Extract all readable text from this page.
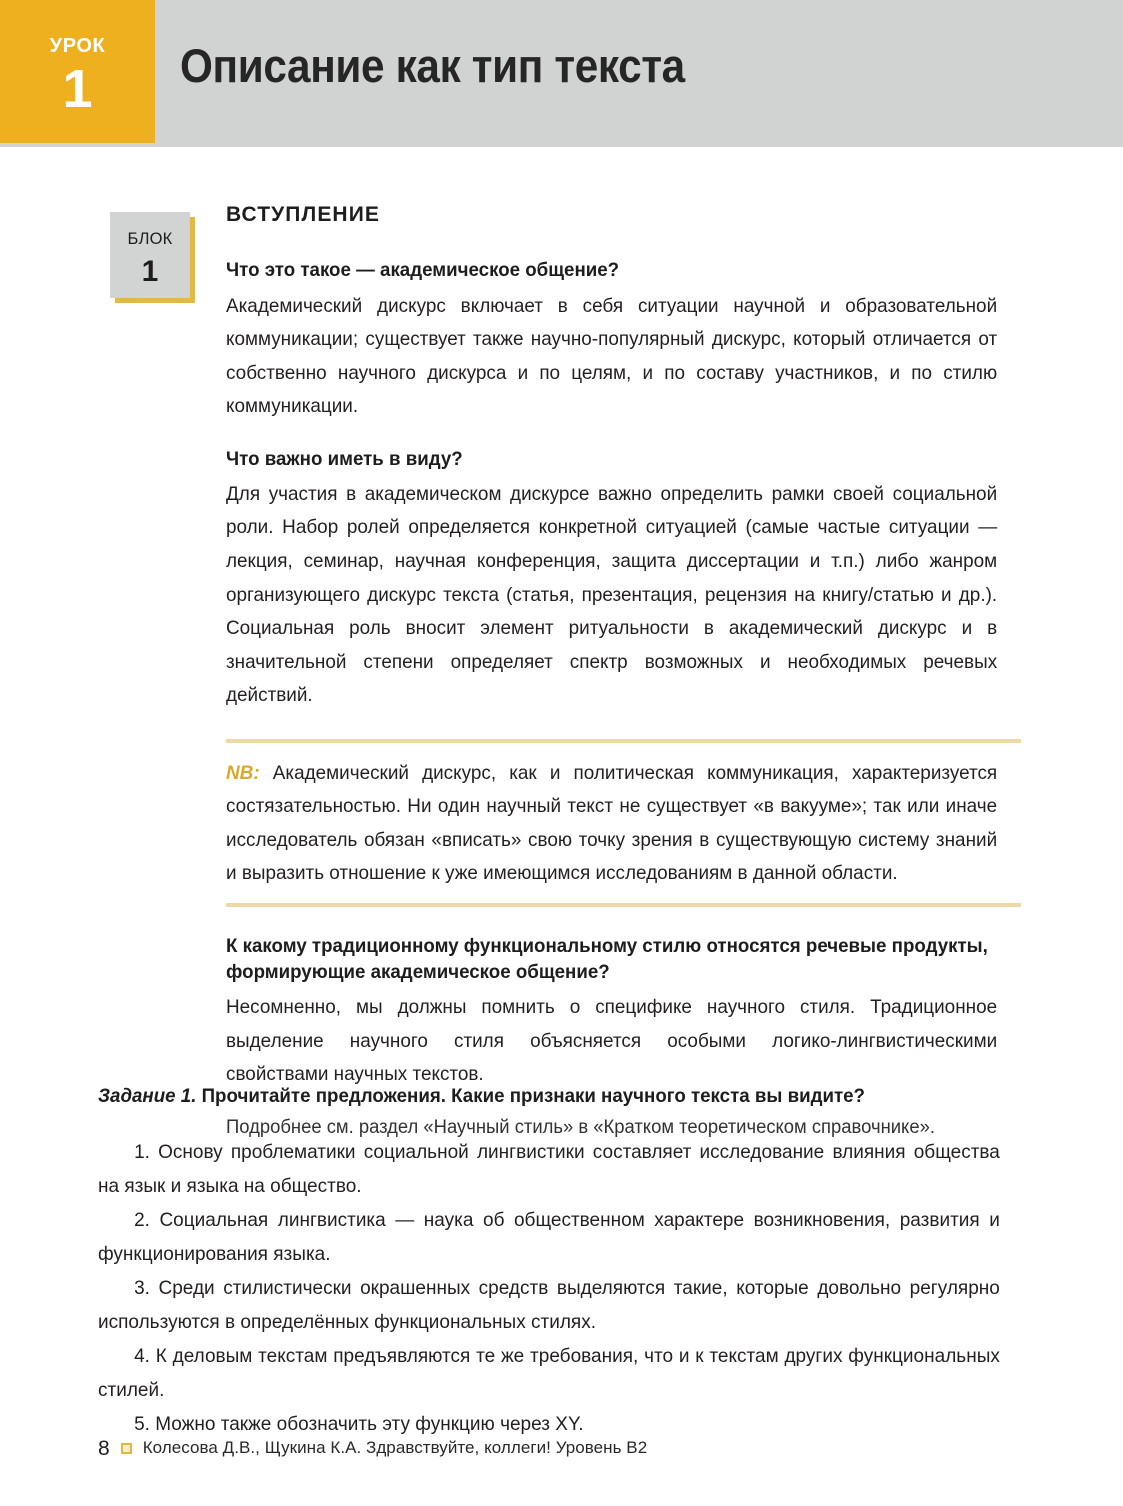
УРОК
1	Описание как тип текста
БЛОК
1
ВСТУПЛЕНИЕ

Что это такое — академическое общение?

Академический дискурс включает в себя ситуации научной и образовательной коммуникации; существует также научно-популярный дискурс, который отличается от собственно научного дискурса и по целям, и по составу участников, и по стилю коммуникации.

Что важно иметь в виду?

Для участия в академическом дискурсе важно определить рамки своей социальной роли. Набор ролей определяется конкретной ситуацией (самые частые ситуации — лекция, семинар, научная конференция, защита диссертации и т.п.) либо жанром организующего дискурс текста (статья, презентация, рецензия на книгу/статью и др.). Социальная роль вносит элемент ритуальности в академический дискурс и в значительной степени определяет спектр возможных и необходимых речевых действий.

NB: Академический дискурс, как и политическая коммуникация, характеризуется состязательностью. Ни один научный текст не существует «в вакууме»; так или иначе исследователь обязан «вписать» свою точку зрения в существующую систему знаний и выразить отношение к уже имеющимся исследованиям в данной области.

К какому традиционному функциональному стилю относятся речевые продукты, формирующие академическое общение?

Несомненно, мы должны помнить о специфике научного стиля. Традиционное выделение научного стиля объясняется особыми логико-лингвистическими свойствами научных текстов.

Подробнее см. раздел «Научный стиль» в «Кратком теоретическом справочнике».

Задание 1. Прочитайте предложения. Какие признаки научного текста вы видите?

1. Основу проблематики социальной лингвистики составляет исследование влияния общества на язык и языка на общество.
2. Социальная лингвистика — наука об общественном характере возникновения, развития и функционирования языка.
3. Среди стилистически окрашенных средств выделяются такие, которые довольно регулярно используются в определённых функциональных стилях.
4. К деловым текстам предъявляются те же требования, что и к текстам других функциональных стилей.
5. Можно также обозначить эту функцию через XY.
8 Колесова Д.В., Щукина К.А. Здравствуйте, коллеги! Уровень В2
